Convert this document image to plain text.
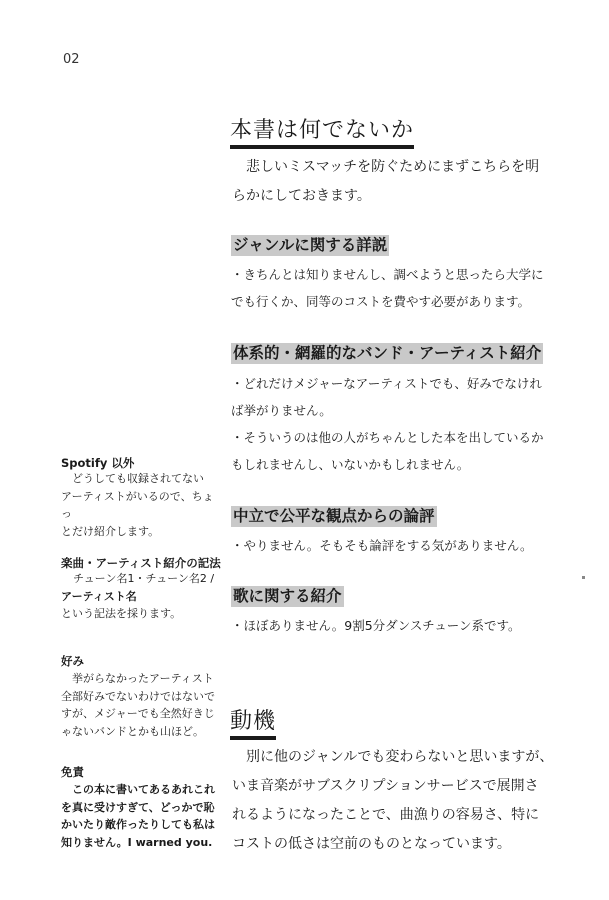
02
本書は何でないか

　悲しいミスマッチを防ぐためにまずこちらを明
らかにしておきます。

ジャンルに関する詳説

・きちんとは知りませんし、調べようと思ったら大学に
でも行くか、同等のコストを費やす必要があります。

体系的・網羅的なバンド・アーティスト紹介

・どれだけメジャーなアーティストでも、好みでなけれ
ば挙がりません。
・そういうのは他の人がちゃんとした本を出しているか
もしれませんし、いないかもしれません。

中立で公平な観点からの論評

・やりません。そもそも論評をする気がありません。

歌に関する紹介

・ほぼありません。9割5分ダンスチューン系です。

動機

　別に他のジャンルでも変わらないと思いますが、
いま音楽がサブスクリプションサービスで展開さ
れるようになったことで、曲漁りの容易さ、特に
コストの低さは空前のものとなっています。

Spotify 以外

　どうしても収録されてない
アーティストがいるので、ちょっ
とだけ紹介します。

楽曲・アーティスト紹介の記法

チューン名1・チューン名2 /
アーティスト名
という記法を採ります。

好み

　挙がらなかったアーティスト
全部好みでないわけではないで
すが、メジャーでも全然好きじ
ゃないバンドとかも山ほど。

免責

　この本に書いてあるあれこれ
を真に受けすぎて、どっかで恥
かいたり敵作ったりしても私は
知りません。I warned you.
